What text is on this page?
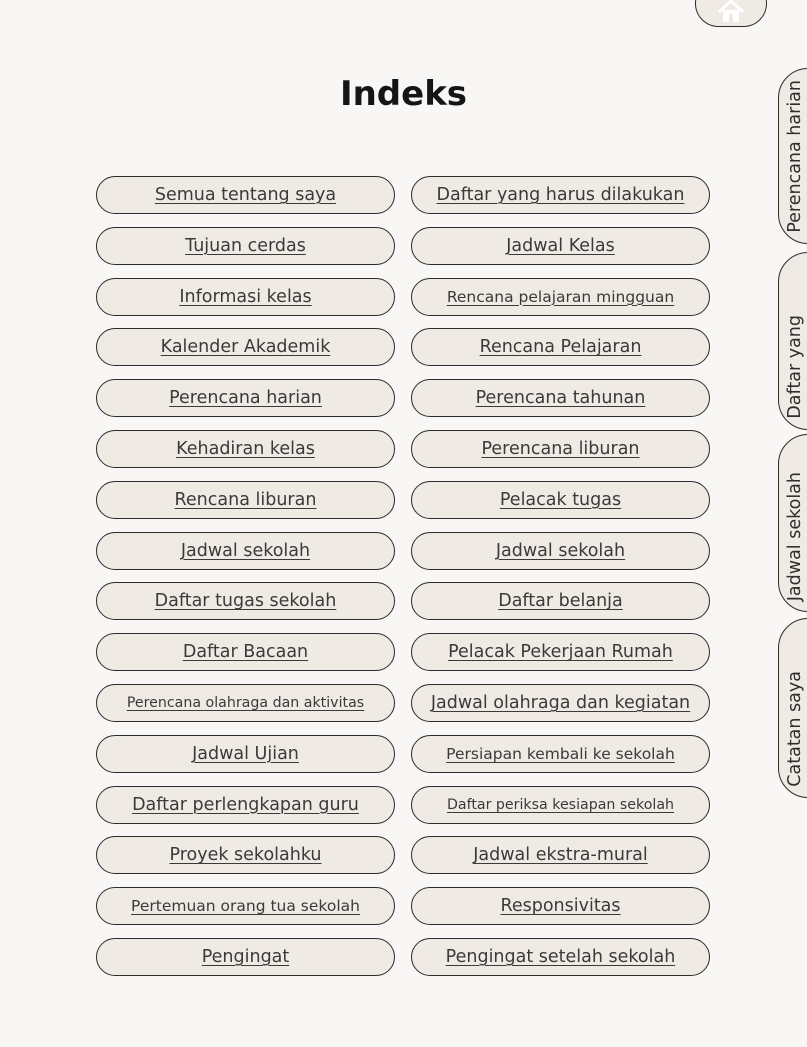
Indeks
Semua tentang saya	Daftar yang harus dilakukan
Tujuan cerdas	Jadwal Kelas
Informasi kelas	Rencana pelajaran mingguan
Kalender Akademik	Rencana Pelajaran
Perencana harian	Perencana tahunan
Kehadiran kelas	Perencana liburan
Rencana liburan	Pelacak tugas
Jadwal sekolah	Jadwal sekolah
Daftar tugas sekolah	Daftar belanja
Daftar Bacaan	Pelacak Pekerjaan Rumah
Perencana olahraga dan aktivitas	Jadwal olahraga dan kegiatan
Jadwal Ujian	Persiapan kembali ke sekolah
Daftar perlengkapan guru	Daftar periksa kesiapan sekolah
Proyek sekolahku	Jadwal ekstra-mural
Pertemuan orang tua sekolah	Responsivitas
Pengingat	Pengingat setelah sekolah
Perencana harian
Daftar yang
Jadwal sekolah
Catatan saya
